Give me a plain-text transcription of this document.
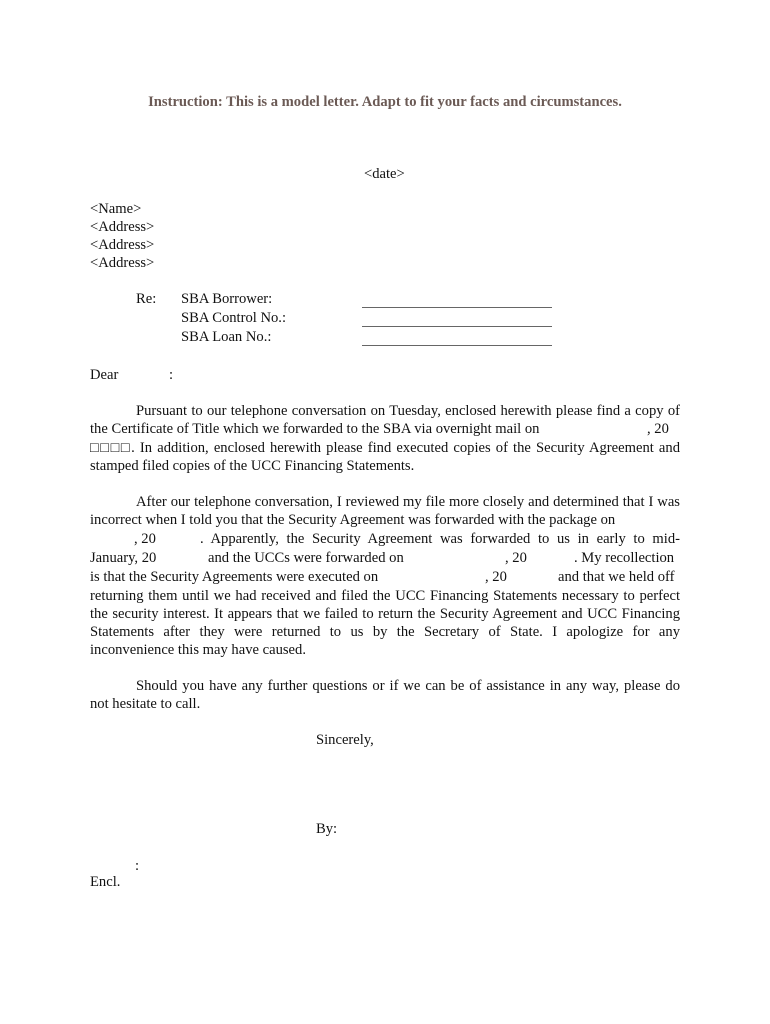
Instruction: This is a model letter. Adapt to fit your facts and circumstances.
<date>
<Name>
<Address>
<Address>
<Address>
Re: SBA Borrower:
SBA Control No.:
SBA Loan No.:
Dear	:
Pursuant to our telephone conversation on Tuesday, enclosed herewith please find a copy of
the Certificate of Title which we forwarded to the SBA via overnight mail on	, 20
□□□□. In addition, enclosed herewith please find executed copies of the Security Agreement and
stamped filed copies of the UCC Financing Statements.
After our telephone conversation, I reviewed my file more closely and determined that I was
incorrect when I told you that the Security Agreement was forwarded with the package on
, 20	. Apparently, the Security Agreement was forwarded to us in early to mid-
January, 20	and the UCCs were forwarded on	, 20	. My recollection
is that the Security Agreements were executed on	, 20	and that we held off
returning them until we had received and filed the UCC Financing Statements necessary to perfect
the security interest. It appears that we failed to return the Security Agreement and UCC Financing
Statements after they were returned to us by the Secretary of State. I apologize for any
inconvenience this may have caused.
Should you have any further questions or if we can be of assistance in any way, please do
not hesitate to call.
Sincerely,
By:
:
Encl.
